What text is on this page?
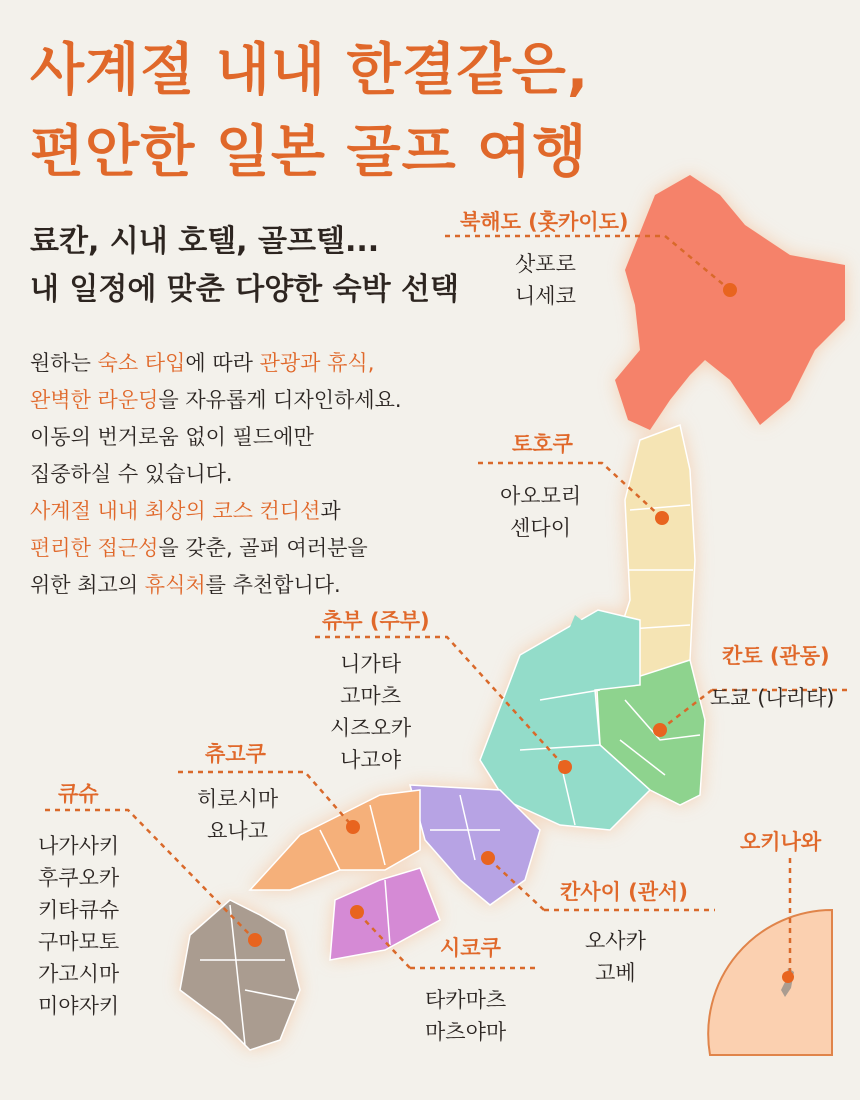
사계절 내내 한결같은,
편안한 일본 골프 여행
료칸, 시내 호텔, 골프텔...
내 일정에 맞춘 다양한 숙박 선택

원하는 숙소 타입에 따라 관광과 휴식,
완벽한 라운딩을 자유롭게 디자인하세요.
이동의 번거로움 없이 필드에만
집중하실 수 있습니다.
사계절 내내 최상의 코스 컨디션과
편리한 접근성을 갖춘, 골퍼 여러분을
위한 최고의 휴식처를 추천합니다.

북해도 (홋카이도)
삿포로
니세코
토호쿠
아오모리
센다이
칸토 (관동)
도쿄 (나리타)
츄부 (주부)
니가타
고마츠
시즈오카
나고야
츄고쿠
히로시마
요나고
큐슈
나가사키
후쿠오카
키타큐슈
구마모토
가고시마
미야자키
칸사이 (관서)
오사카
고베
시코쿠
타카마츠
마츠야마
오키나와
